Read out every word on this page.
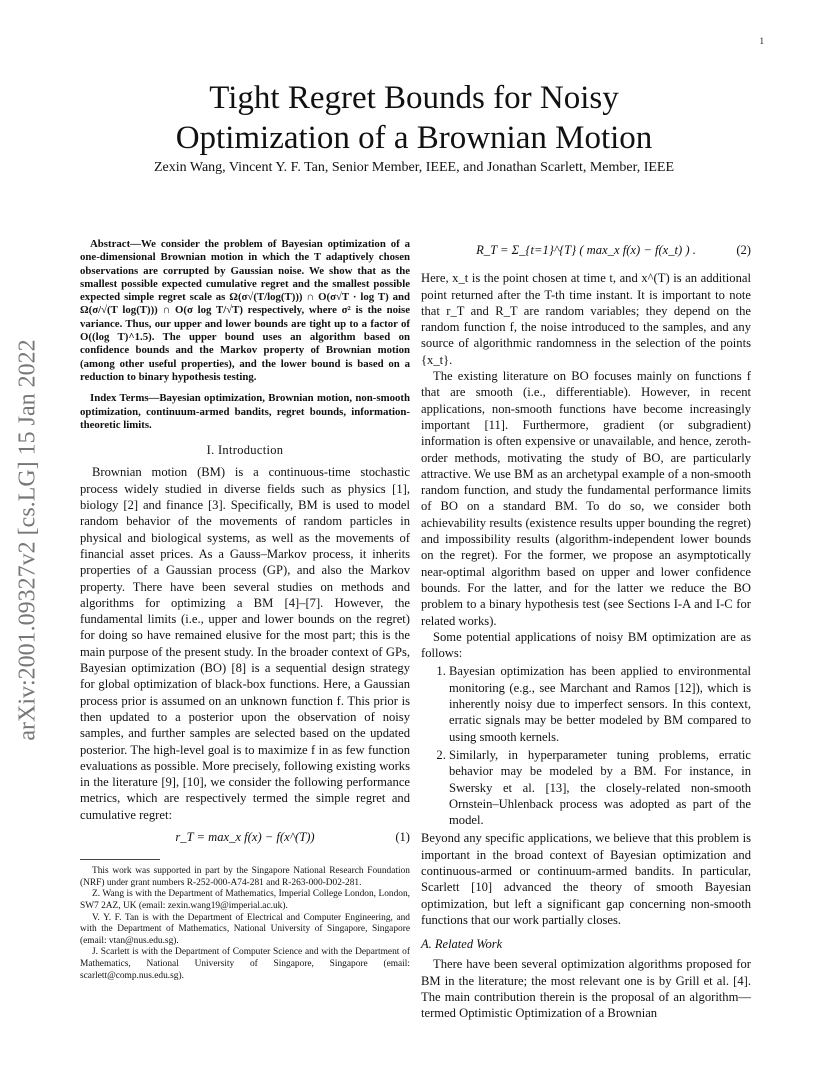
1
Tight Regret Bounds for Noisy
Optimization of a Brownian Motion
Zexin Wang, Vincent Y. F. Tan, Senior Member, IEEE, and Jonathan Scarlett, Member, IEEE
arXiv:2001.09327v2 [cs.LG] 15 Jan 2022

Abstract—We consider the problem of Bayesian optimization of a one-dimensional Brownian motion in which the T adaptively chosen observations are corrupted by Gaussian noise. We show that as the smallest possible expected cumulative regret and the smallest possible expected simple regret scale as Ω(σ√(T/log(T))) ∩ O(σ√T · log T) and Ω(σ/√(T log(T))) ∩ O(σ log T/√T) respectively, where σ² is the noise variance. Thus, our upper and lower bounds are tight up to a factor of O((log T)^1.5). The upper bound uses an algorithm based on confidence bounds and the Markov property of Brownian motion (among other useful properties), and the lower bound is based on a reduction to binary hypothesis testing.

Index Terms—Bayesian optimization, Brownian motion, non-smooth optimization, continuum-armed bandits, regret bounds, information-theoretic limits.

I. Introduction

Brownian motion (BM) is a continuous-time stochastic process widely studied in diverse fields such as physics [1], biology [2] and finance [3]. Specifically, BM is used to model random behavior of the movements of random particles in physical and biological systems, as well as the movements of financial asset prices. As a Gauss–Markov process, it inherits properties of a Gaussian process (GP), and also the Markov property. There have been several studies on methods and algorithms for optimizing a BM [4]–[7]. However, the fundamental limits (i.e., upper and lower bounds on the regret) for doing so have remained elusive for the most part; this is the main purpose of the present study. In the broader context of GPs, Bayesian optimization (BO) [8] is a sequential design strategy for global optimization of black-box functions. Here, a Gaussian process prior is assumed on an unknown function f. This prior is then updated to a posterior upon the observation of noisy samples, and further samples are selected based on the updated posterior. The high-level goal is to maximize f in as few function evaluations as possible. More precisely, following existing works in the literature [9], [10], we consider the following performance metrics, which are respectively termed the simple regret and cumulative regret:

r_T = max_x f(x) − f(x^(T))	(1)

This work was supported in part by the Singapore National Research Foundation (NRF) under grant numbers R-252-000-A74-281 and R-263-000-D02-281.

Z. Wang is with the Department of Mathematics, Imperial College London, London, SW7 2AZ, UK (email: zexin.wang19@imperial.ac.uk).

V. Y. F. Tan is with the Department of Electrical and Computer Engineering, and with the Department of Mathematics, National University of Singapore, Singapore (email: vtan@nus.edu.sg).

J. Scarlett is with the Department of Computer Science and with the Department of Mathematics, National University of Singapore, Singapore (email: scarlett@comp.nus.edu.sg).

R_T = Σ_{t=1}^{T} ( max_x f(x) − f(x_t) ) .	(2)

Here, x_t is the point chosen at time t, and x^(T) is an additional point returned after the T-th time instant. It is important to note that r_T and R_T are random variables; they depend on the random function f, the noise introduced to the samples, and any source of algorithmic randomness in the selection of the points {x_t}.

The existing literature on BO focuses mainly on functions f that are smooth (i.e., differentiable). However, in recent applications, non-smooth functions have become increasingly important [11]. Furthermore, gradient (or subgradient) information is often expensive or unavailable, and hence, zeroth-order methods, motivating the study of BO, are particularly attractive. We use BM as an archetypal example of a non-smooth random function, and study the fundamental performance limits of BO on a standard BM. To do so, we consider both achievability results (existence results upper bounding the regret) and impossibility results (algorithm-independent lower bounds on the regret). For the former, we propose an asymptotically near-optimal algorithm based on upper and lower confidence bounds. For the latter, and for the latter we reduce the BO problem to a binary hypothesis test (see Sections I-A and I-C for related works).

Some potential applications of noisy BM optimization are as follows:

1. Bayesian optimization has been applied to environmental monitoring (e.g., see Marchant and Ramos [12]), which is inherently noisy due to imperfect sensors. In this context, erratic signals may be better modeled by BM compared to using smooth kernels.
2. Similarly, in hyperparameter tuning problems, erratic behavior may be modeled by a BM. For instance, in Swersky et al. [13], the closely-related non-smooth Ornstein–Uhlenback process was adopted as part of the model.

Beyond any specific applications, we believe that this problem is important in the broad context of Bayesian optimization and continuous-armed or continuum-armed bandits. In particular, Scarlett [10] advanced the theory of smooth Bayesian optimization, but left a significant gap concerning non-smooth functions that our work partially closes.

A. Related Work

There have been several optimization algorithms proposed for BM in the literature; the most relevant one is by Grill et al. [4]. The main contribution therein is the proposal of an algorithm—termed Optimistic Optimization of a Brownian
